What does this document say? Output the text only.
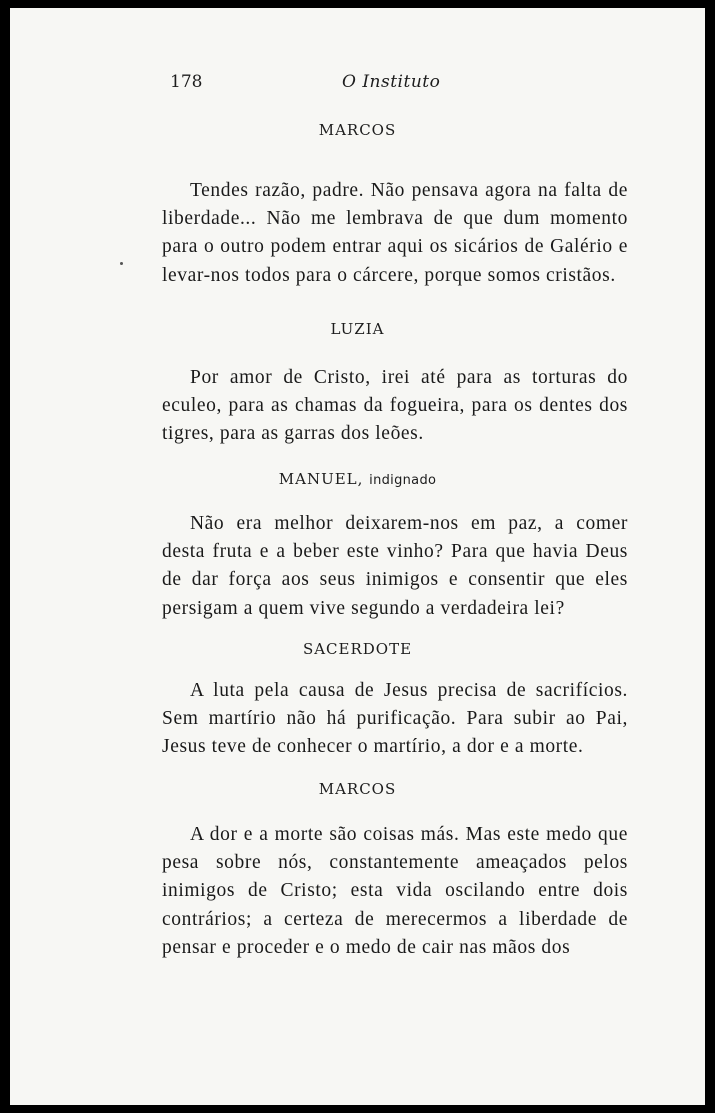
178	O Instituto
MARCOS

Tendes razão, padre. Não pensava agora na falta de liberdade... Não me lembrava de que dum momento para o outro podem entrar aqui os sicários de Galério e levar-nos todos para o cárcere, porque somos cristãos.

LUZIA

Por amor de Cristo, irei até para as torturas do eculeo, para as chamas da fogueira, para os dentes dos tigres, para as garras dos leões.

MANUEL, indignado

Não era melhor deixarem-nos em paz, a comer desta fruta e a beber este vinho? Para que havia Deus de dar força aos seus inimigos e consentir que eles persigam a quem vive segundo a verdadeira lei?

SACERDOTE

A luta pela causa de Jesus precisa de sacrifícios. Sem martírio não há purificação. Para subir ao Pai, Jesus teve de conhecer o martírio, a dor e a morte.

MARCOS

A dor e a morte são coisas más. Mas este medo que pesa sobre nós, constantemente ameaçados pelos inimigos de Cristo; esta vida oscilando entre dois contrários; a certeza de merecermos a liberdade de pensar e proceder e o medo de cair nas mãos dos
